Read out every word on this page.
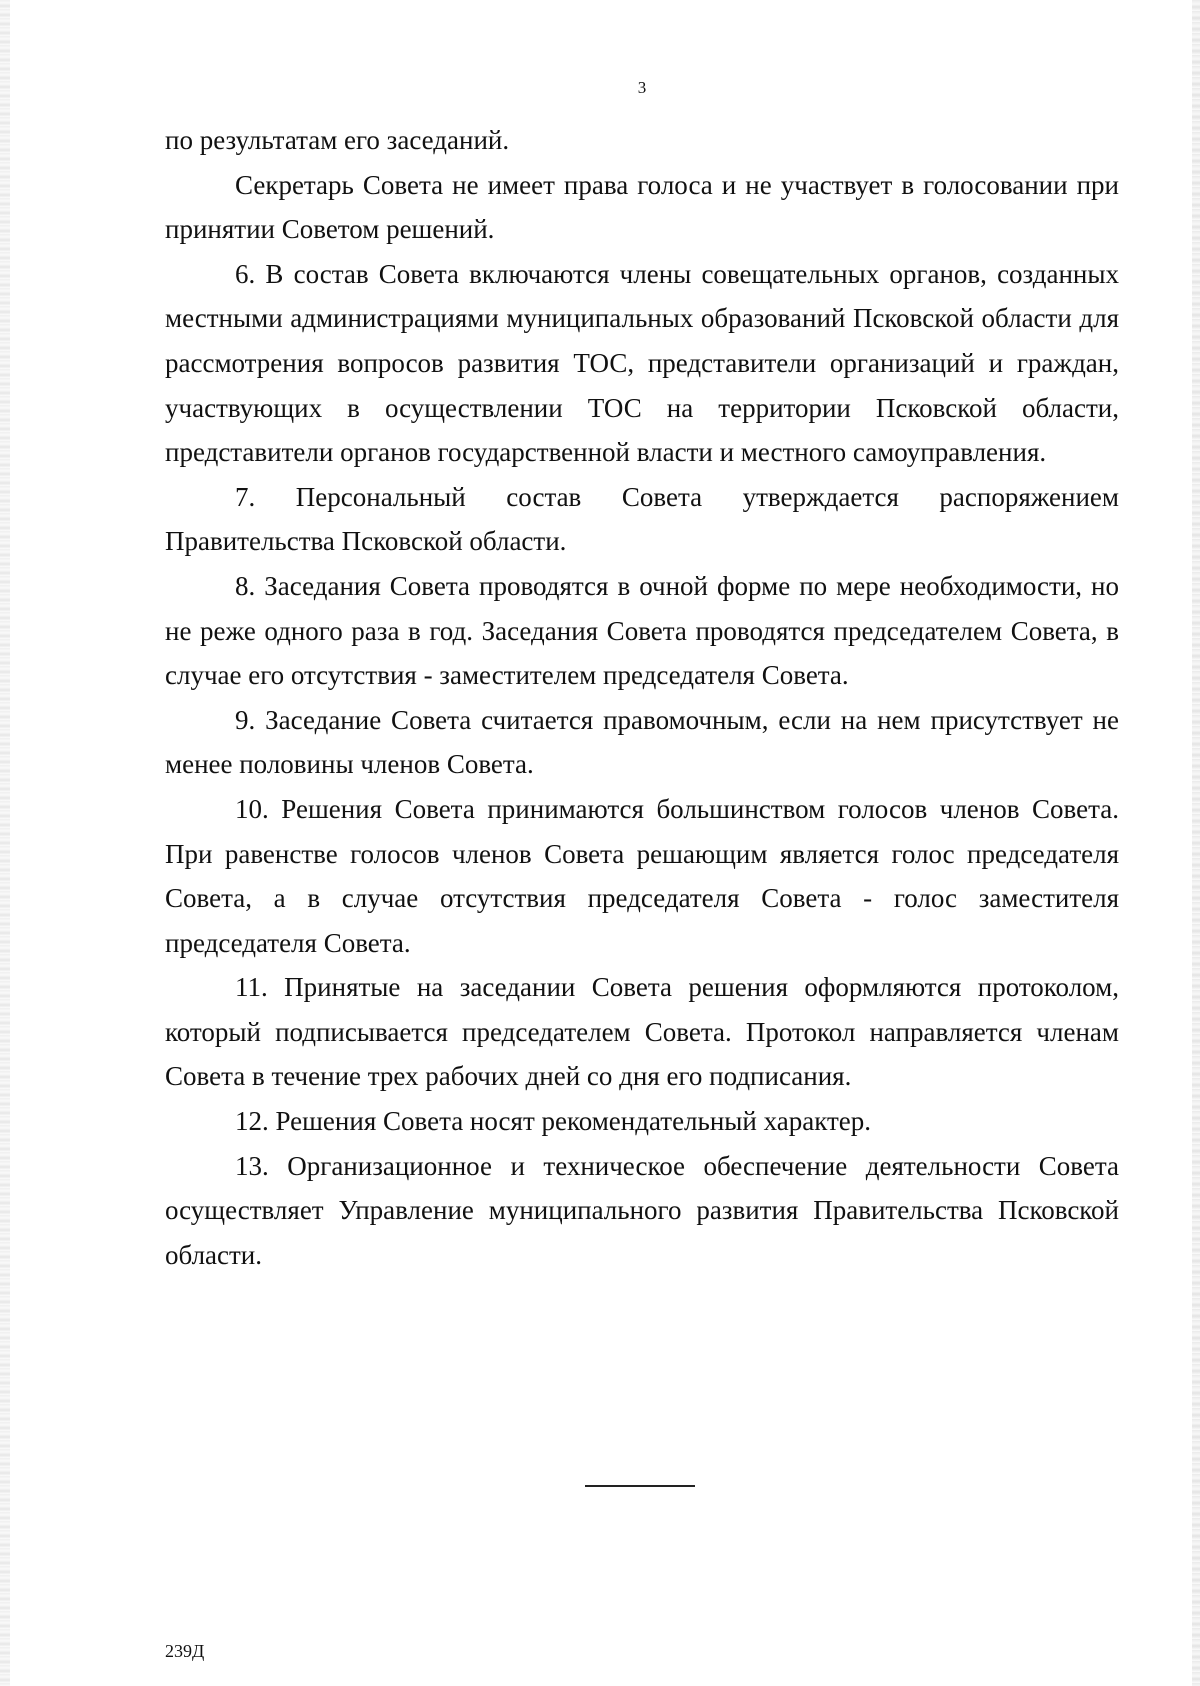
3

по результатам его заседаний.

Секретарь Совета не имеет права голоса и не участвует в голосовании при принятии Советом решений.

6. В состав Совета включаются члены совещательных органов, созданных местными администрациями муниципальных образований Псковской области для рассмотрения вопросов развития ТОС, представители организаций и граждан, участвующих в осуществлении ТОС на территории Псковской области, представители органов государственной власти и местного самоуправления.

7. Персональный состав Совета утверждается распоряжением Правительства Псковской области.

8. Заседания Совета проводятся в очной форме по мере необходимости, но не реже одного раза в год. Заседания Совета проводятся председателем Совета, в случае его отсутствия - заместителем председателя Совета.

9. Заседание Совета считается правомочным, если на нем присутствует не менее половины членов Совета.

10. Решения Совета принимаются большинством голосов членов Совета. При равенстве голосов членов Совета решающим является голос председателя Совета, а в случае отсутствия председателя Совета - голос заместителя председателя Совета.

11. Принятые на заседании Совета решения оформляются протоколом, который подписывается председателем Совета. Протокол направляется членам Совета в течение трех рабочих дней со дня его подписания.

12. Решения Совета носят рекомендательный характер.

13. Организационное и техническое обеспечение деятельности Совета осуществляет Управление муниципального развития Правительства Псковской области.

239Д
